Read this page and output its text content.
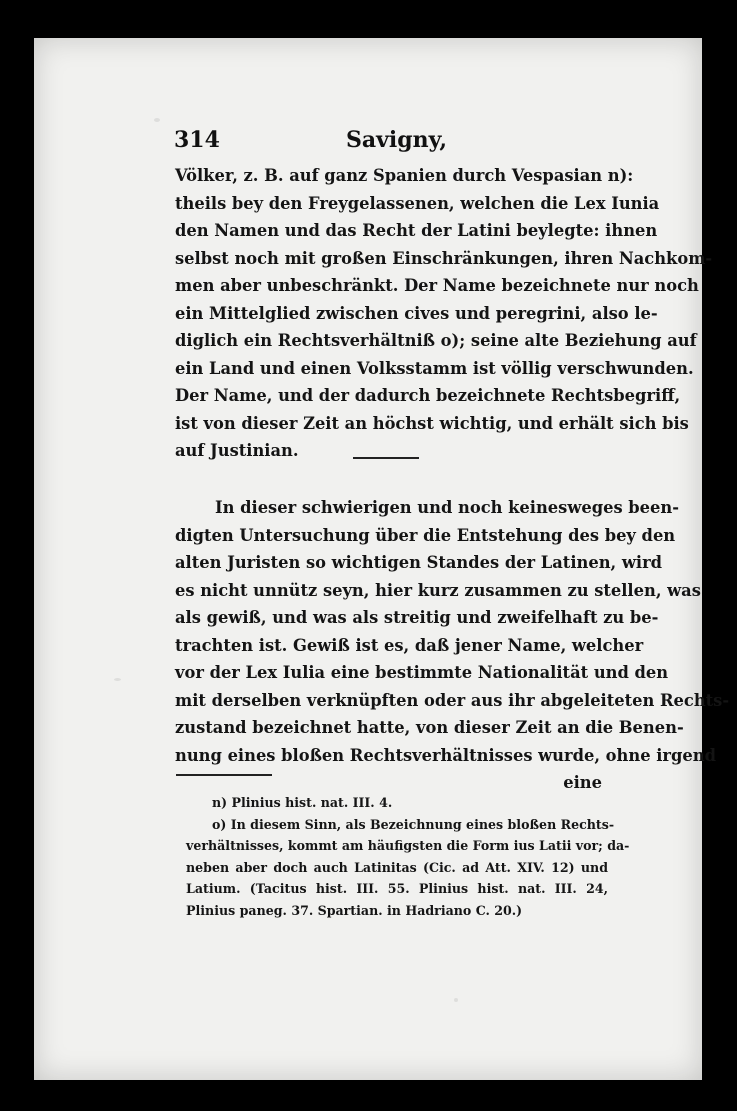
314	Savigny,
Völker, z. B. auf ganz Spanien durch Vespasian n):
theils bey den Freygelassenen, welchen die Lex Iunia
den Namen und das Recht der Latini beylegte: ihnen
selbst noch mit großen Einschränkungen, ihren Nachkom-
men aber unbeschränkt. Der Name bezeichnete nur noch
ein Mittelglied zwischen cives und peregrini, also le-
diglich ein Rechtsverhältniß o); seine alte Beziehung auf
ein Land und einen Volksstamm ist völlig verschwunden.
Der Name, und der dadurch bezeichnete Rechtsbegriff,
ist von dieser Zeit an höchst wichtig, und erhält sich bis
auf Justinian.
In dieser schwierigen und noch keinesweges been-
digten Untersuchung über die Entstehung des bey den
alten Juristen so wichtigen Standes der Latinen, wird
es nicht unnütz seyn, hier kurz zusammen zu stellen, was
als gewiß, und was als streitig und zweifelhaft zu be-
trachten ist. Gewiß ist es, daß jener Name, welcher
vor der Lex Iulia eine bestimmte Nationalität und den
mit derselben verknüpften oder aus ihr abgeleiteten Rechts-
zustand bezeichnet hatte, von dieser Zeit an die Benen-
nung eines bloßen Rechtsverhältnisses wurde, ohne irgend
eine
n) Plinius hist. nat. III. 4.
o) In diesem Sinn, als Bezeichnung eines bloßen Rechts-
verhältnisses, kommt am häufigsten die Form ius Latii vor; da-
neben aber doch auch Latinitas (Cic. ad Att. XIV. 12) und
Latium. (Tacitus hist. III. 55. Plinius hist. nat. III. 24,
Plinius paneg. 37. Spartian. in Hadriano C. 20.)
